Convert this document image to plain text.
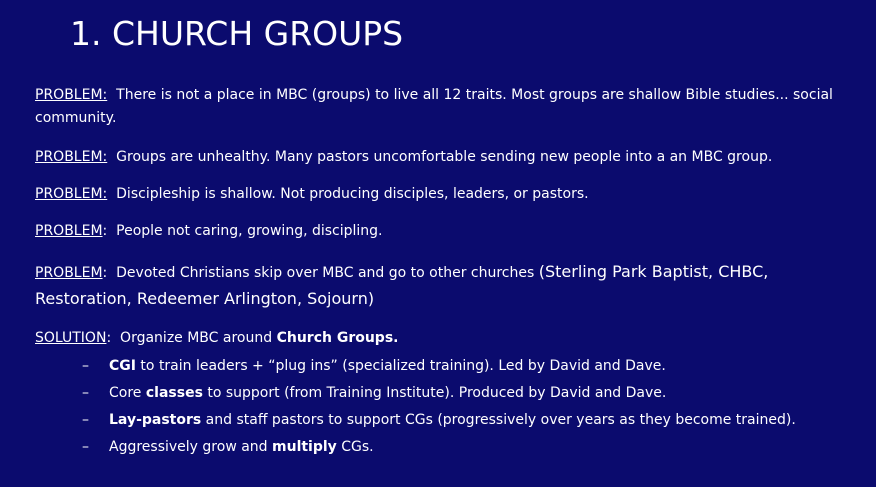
1. CHURCH GROUPS
PROBLEM: There is not a place in MBC (groups) to live all 12 traits. Most groups are shallow Bible studies... social community.
PROBLEM: Groups are unhealthy. Many pastors uncomfortable sending new people into a an MBC group.
PROBLEM: Discipleship is shallow. Not producing disciples, leaders, or pastors.
PROBLEM:  People not caring, growing, discipling.
PROBLEM:  Devoted Christians skip over MBC and go to other churches (Sterling Park Baptist, CHBC, Restoration, Redeemer Arlington, Sojourn)
SOLUTION:  Organize MBC around Church Groups.
– CGI to train leaders + “plug ins” (specialized training). Led by David and Dave.
– Core classes to support (from Training Institute). Produced by David and Dave.
– Lay-pastors and staff pastors to support CGs (progressively over years as they become trained).
– Aggressively grow and multiply CGs.
